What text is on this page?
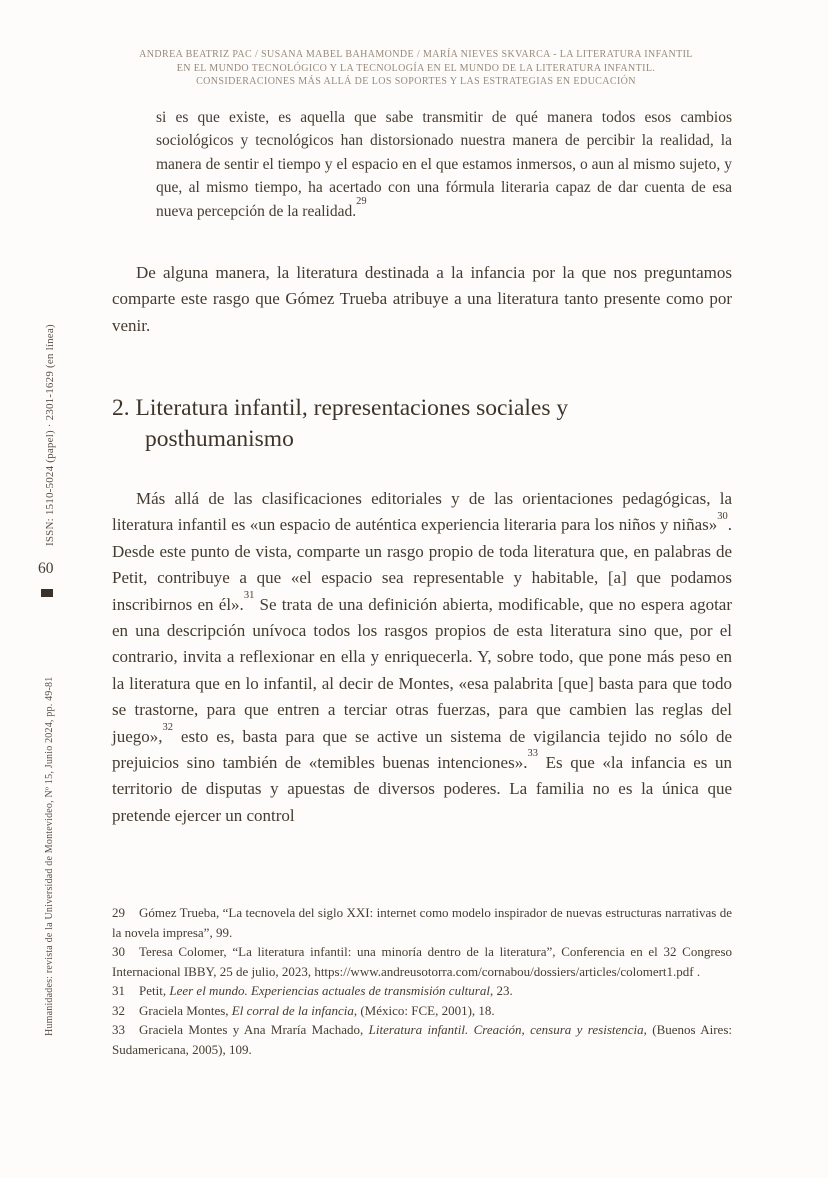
ANDREA BEATRIZ PAC / SUSANA MABEL BAHAMONDE / MARÍA NIEVES SKVARCA - LA LITERATURA INFANTIL
EN EL MUNDO TECNOLÓGICO Y LA TECNOLOGÍA EN EL MUNDO DE LA LITERATURA INFANTIL.
CONSIDERACIONES MÁS ALLÁ DE LOS SOPORTES Y LAS ESTRATEGIAS EN EDUCACIÓN
ISSN: 1510-5024 (papel) · 2301-1629 (en línea)
60
Humanidades: revista de la Universidad de Montevideo, Nº 15, Junio 2024, pp. 49-81
si es que existe, es aquella que sabe transmitir de qué manera todos esos cambios sociológicos y tecnológicos han distorsionado nuestra manera de percibir la realidad, la manera de sentir el tiempo y el espacio en el que estamos inmersos, o aun al mismo sujeto, y que, al mismo tiempo, ha acertado con una fórmula literaria capaz de dar cuenta de esa nueva percepción de la realidad.$^{29}$
De alguna manera, la literatura destinada a la infancia por la que nos preguntamos comparte este rasgo que Gómez Trueba atribuye a una literatura tanto presente como por venir.
2. Literatura infantil, representaciones sociales y
posthumanismo
Más allá de las clasificaciones editoriales y de las orientaciones pedagógicas, la literatura infantil es «un espacio de auténtica experiencia literaria para los niños y niñas»$^{30}$. Desde este punto de vista, comparte un rasgo propio de toda literatura que, en palabras de Petit, contribuye a que «el espacio sea representable y habitable, [a] que podamos inscribirnos en él».$^{31}$ Se trata de una definición abierta, modificable, que no espera agotar en una descripción unívoca todos los rasgos propios de esta literatura sino que, por el contrario, invita a reflexionar en ella y enriquecerla. Y, sobre todo, que pone más peso en la literatura que en lo infantil, al decir de Montes, «esa palabrita [que] basta para que todo se trastorne, para que entren a terciar otras fuerzas, para que cambien las reglas del juego»,$^{32}$ esto es, basta para que se active un sistema de vigilancia tejido no sólo de prejuicios sino también de «temibles buenas intenciones».$^{33}$ Es que «la infancia es un territorio de disputas y apuestas de diversos poderes. La familia no es la única que pretende ejercer un control
29 Gómez Trueba, “La tecnovela del siglo XXI: internet como modelo inspirador de nuevas estructuras narrativas de la novela impresa”, 99.
30 Teresa Colomer, “La literatura infantil: una minoría dentro de la literatura”, Conferencia en el 32 Congreso Internacional IBBY, 25 de julio, 2023, https://www.andreusotorra.com/cornabou/dossiers/articles/colomert1.pdf .
31 Petit, Leer el mundo. Experiencias actuales de transmisión cultural, 23.
32 Graciela Montes, El corral de la infancia, (México: FCE, 2001), 18.
33 Graciela Montes y Ana Mraría Machado, Literatura infantil. Creación, censura y resistencia, (Buenos Aires: Sudamericana, 2005), 109.
